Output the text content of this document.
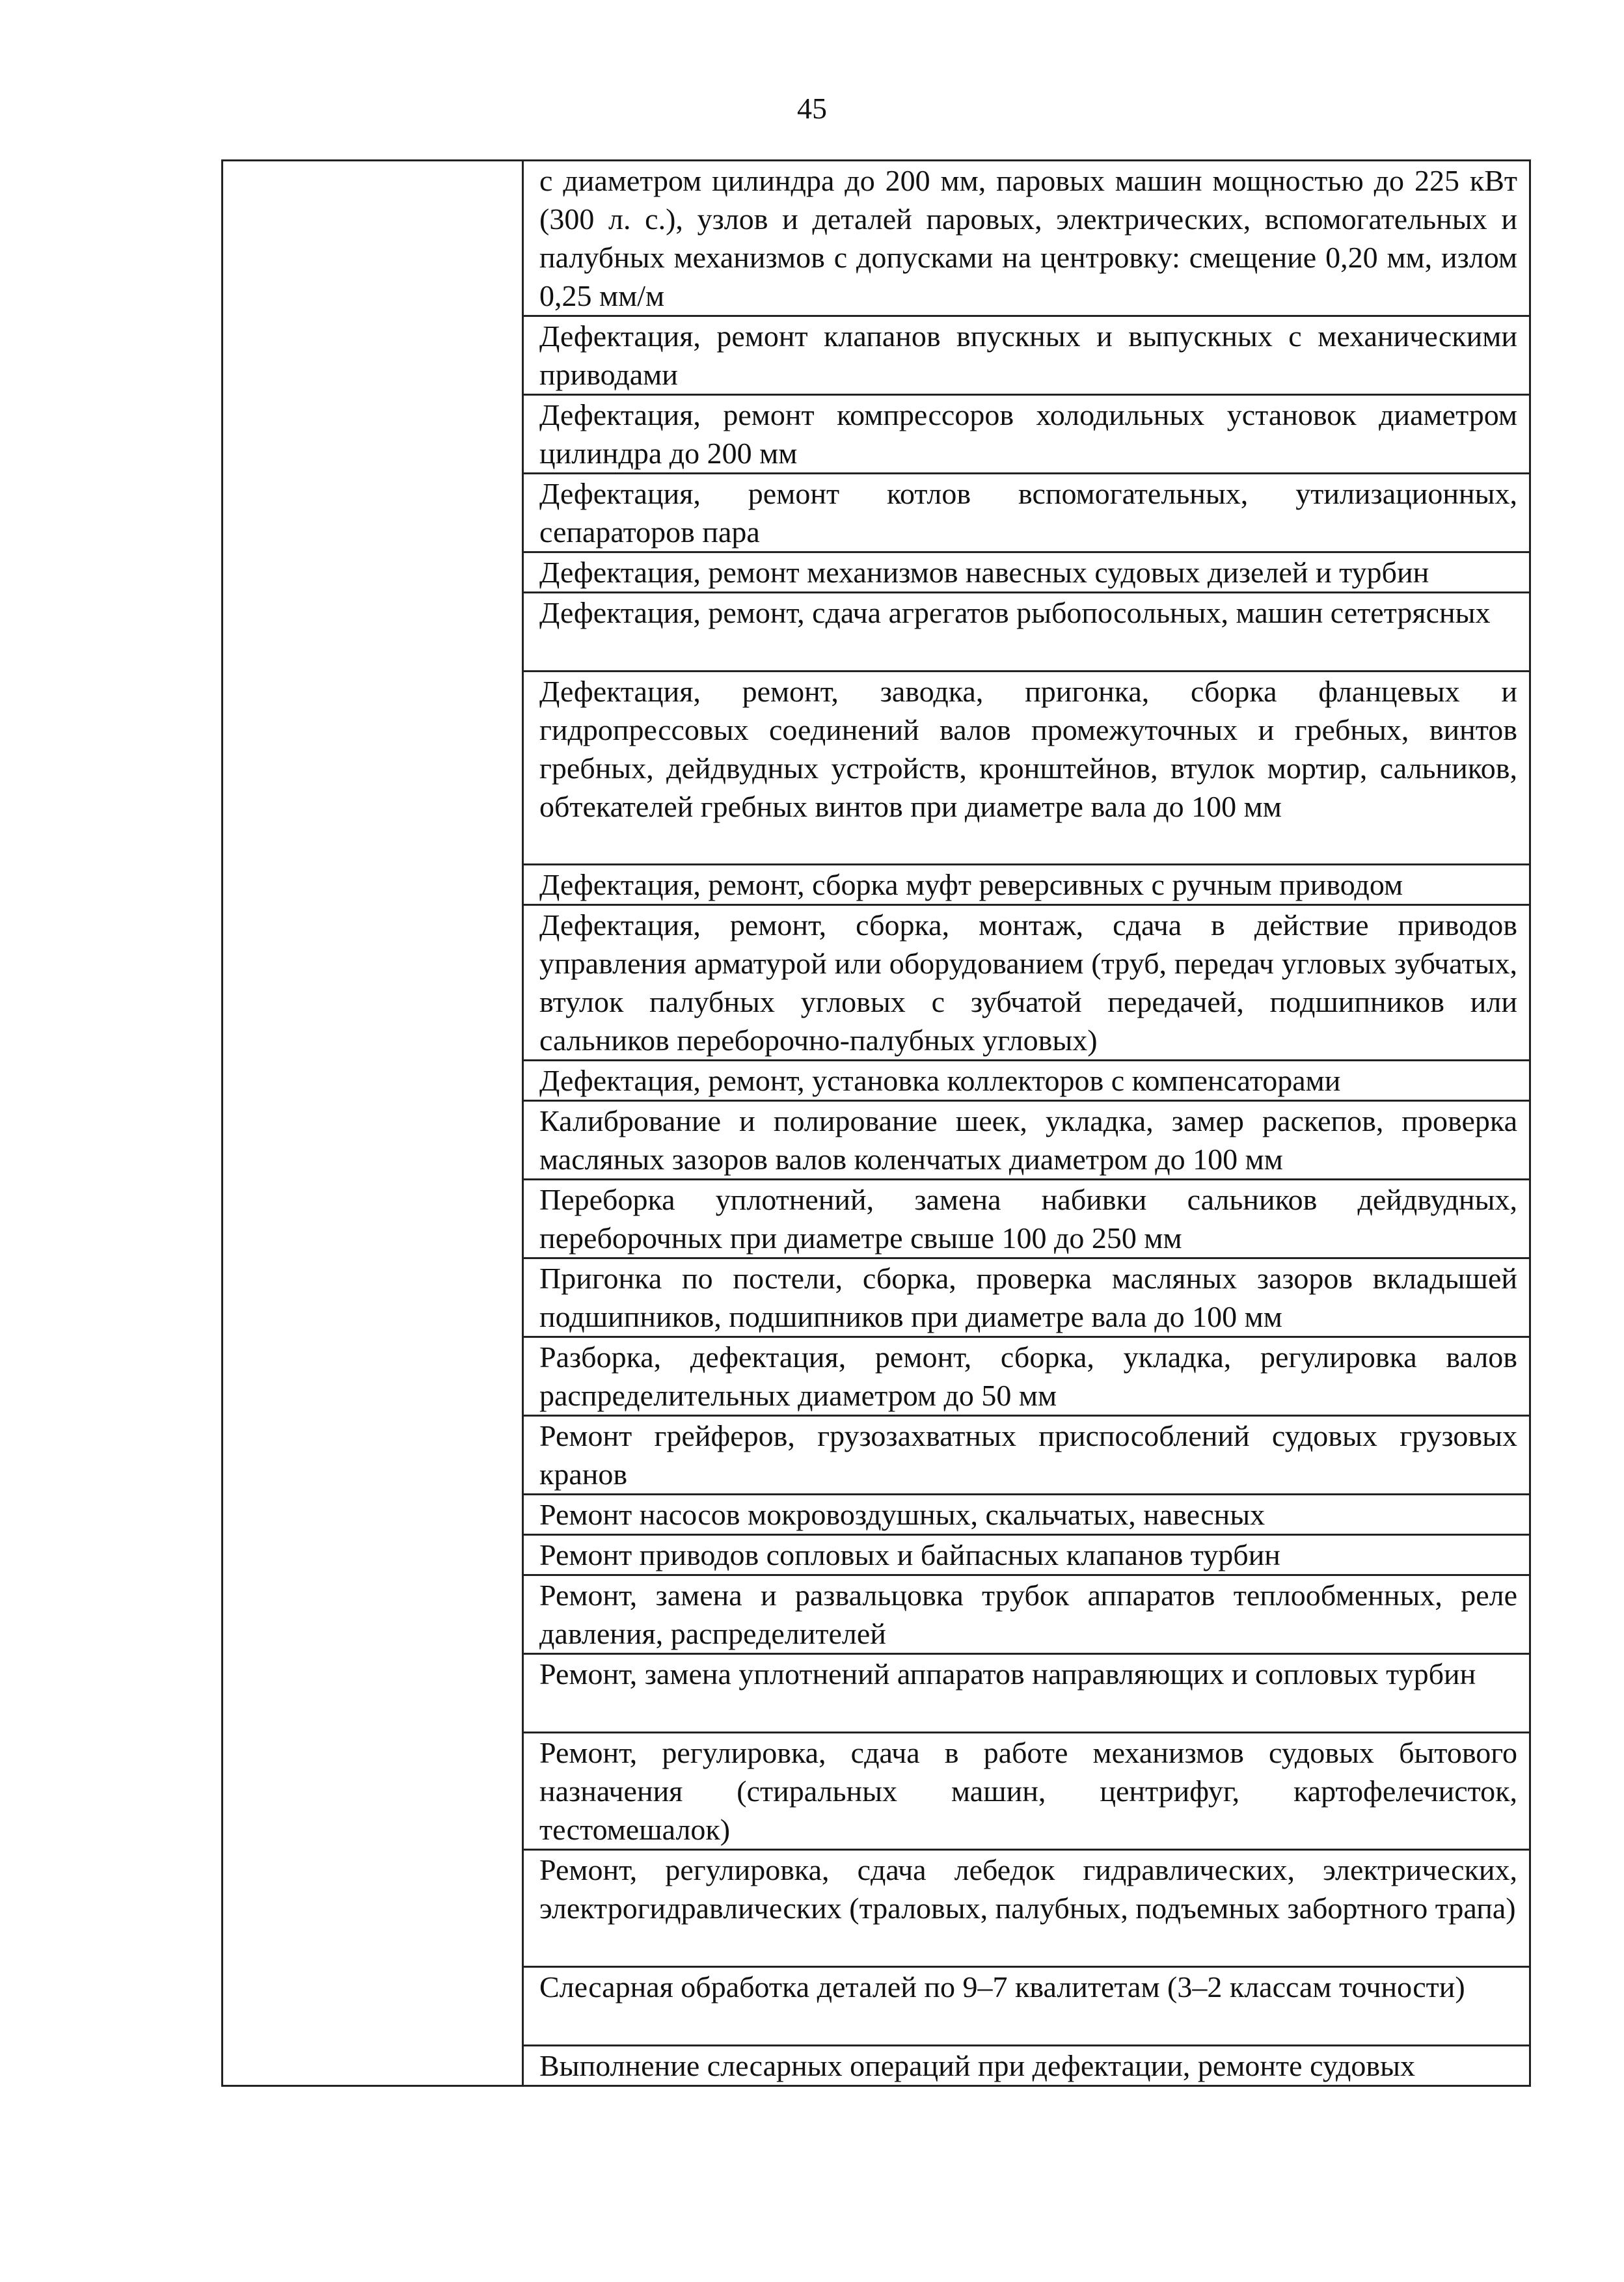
45

с диаметром цилиндра до 200 мм, паровых машин мощностью до 225 кВт (300 л. с.), узлов и деталей паровых, электрических, вспомогательных и палубных механизмов с допусками на центровку: смещение 0,20 мм, излом 0,25 мм/м

Дефектация, ремонт клапанов впускных и выпускных с механическими приводами

Дефектация, ремонт компрессоров холодильных установок диаметром цилиндра до 200 мм

Дефектация, ремонт котлов вспомогательных, утилизационных, сепараторов пара

Дефектация, ремонт механизмов навесных судовых дизелей и турбин

Дефектация, ремонт, сдача агрегатов рыбопосольных, машин сететрясных

Дефектация, ремонт, заводка, пригонка, сборка фланцевых и гидропрессовых соединений валов промежуточных и гребных, винтов гребных, дейдвудных устройств, кронштейнов, втулок мортир, сальников, обтекателей гребных винтов при диаметре вала до 100 мм

Дефектация, ремонт, сборка муфт реверсивных с ручным приводом

Дефектация, ремонт, сборка, монтаж, сдача в действие приводов управления арматурой или оборудованием (труб, передач угловых зубчатых, втулок палубных угловых с зубчатой передачей, подшипников или сальников переборочно-палубных угловых)

Дефектация, ремонт, установка коллекторов с компенсаторами

Калибрование и полирование шеек, укладка, замер раскепов, проверка масляных зазоров валов коленчатых диаметром до 100 мм

Переборка уплотнений, замена набивки сальников дейдвудных, переборочных при диаметре свыше 100 до 250 мм

Пригонка по постели, сборка, проверка масляных зазоров вкладышей подшипников, подшипников при диаметре вала до 100 мм

Разборка, дефектация, ремонт, сборка, укладка, регулировка валов распределительных диаметром до 50 мм

Ремонт грейферов, грузозахватных приспособлений судовых грузовых кранов

Ремонт насосов мокровоздушных, скальчатых, навесных

Ремонт приводов сопловых и байпасных клапанов турбин

Ремонт, замена и развальцовка трубок аппаратов теплообменных, реле давления, распределителей

Ремонт, замена уплотнений аппаратов направляющих и сопловых турбин

Ремонт, регулировка, сдача в работе механизмов судовых бытового назначения (стиральных машин, центрифуг, картофелечисток, тестомешалок)

Ремонт, регулировка, сдача лебедок гидравлических, электрических, электрогидравлических (траловых, палубных, подъемных забортного трапа)

Слесарная обработка деталей по 9–7 квалитетам (3–2 классам точности)

Выполнение слесарных операций при дефектации, ремонте судовых
